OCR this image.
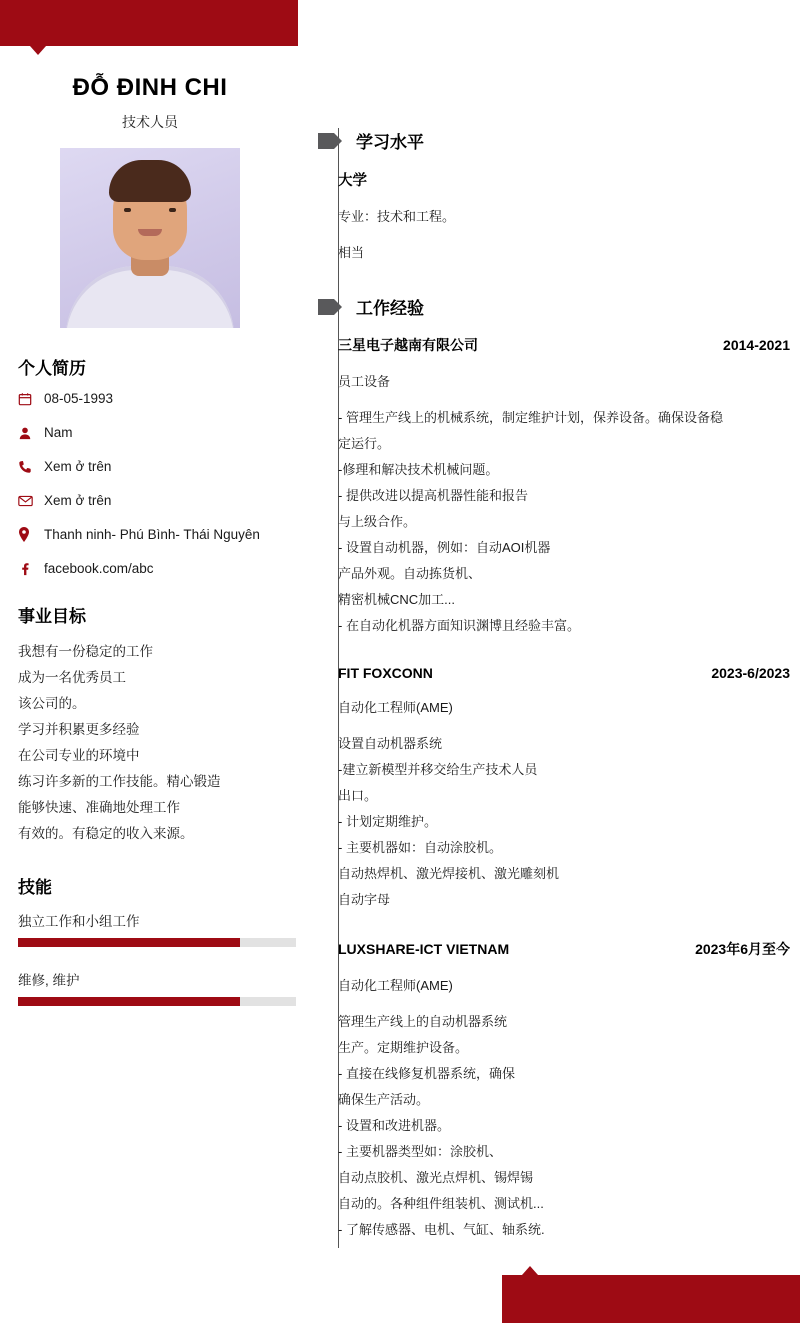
ĐỖ ĐINH CHI
技术人员
个人简历
08-05-1993
Nam
Xem ở trên
Xem ở trên
Thanh ninh- Phú Bình- Thái Nguyên
facebook.com/abc
事业目标
我想有一份稳定的工作
成为一名优秀员工
该公司的。
学习并积累更多经验
在公司专业的环境中
练习许多新的工作技能。精心锻造
能够快速、准确地处理工作
有效的。有稳定的收入来源。
技能
独立工作和小组工作
维修, 维护
学习水平
大学
专业：技术和工程。
相当
工作经验
三星电子越南有限公司	2014-2021
员工设备
- 管理生产线上的机械系统，制定维护计划，保养设备。确保设备稳
定运行。
-修理和解决技术机械问题。
- 提供改进以提高机器性能和报告
与上级合作。
- 设置自动机器，例如：自动AOI机器
产品外观。自动拣货机、
精密机械CNC加工...
- 在自动化机器方面知识渊博且经验丰富。
FIT FOXCONN	2023-6/2023
自动化工程师(AME)
设置自动机器系统
-建立新模型并移交给生产技术人员
出口。
- 计划定期维护。
- 主要机器如：自动涂胶机。
自动热焊机、激光焊接机、激光雕刻机
自动字母
LUXSHARE-ICT VIETNAM	2023年6月至今
自动化工程师(AME)
管理生产线上的自动机器系统
生产。定期维护设备。
- 直接在线修复机器系统，确保
确保生产活动。
- 设置和改进机器。
- 主要机器类型如：涂胶机、
自动点胶机、激光点焊机、锡焊锡
自动的。各种组件组装机、测试机...
- 了解传感器、电机、气缸、轴系统.
